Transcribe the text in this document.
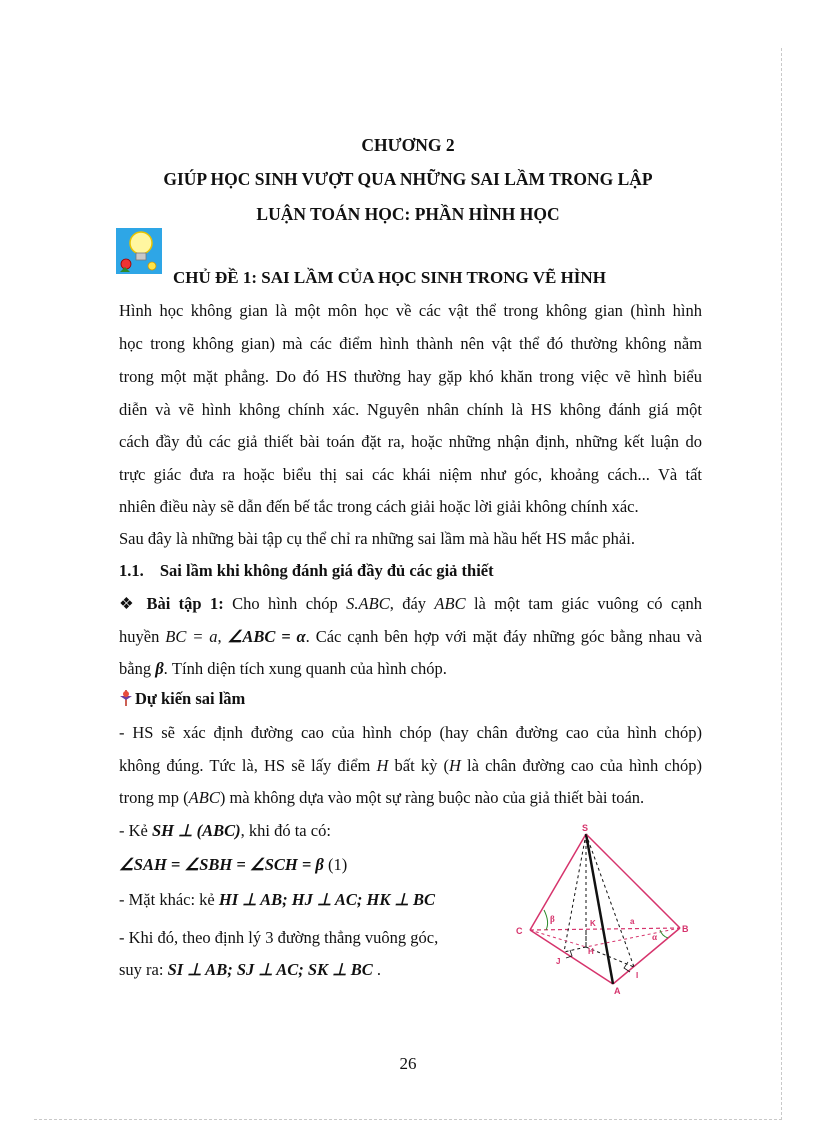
CHƯƠNG 2
GIÚP HỌC SINH VƯỢT QUA NHỮNG SAI LẦM TRONG LẬP
LUẬN TOÁN HỌC: PHẦN HÌNH HỌC
CHỦ ĐỀ 1: SAI LẦM CỦA HỌC SINH TRONG VẼ HÌNH
Hình học không gian là một môn học về các vật thể trong không gian (hình hình
học trong không gian) mà các điểm hình thành nên vật thể đó thường không nằm
trong một mặt phẳng. Do đó HS thường hay gặp khó khăn trong việc vẽ hình biểu
diễn và vẽ hình không chính xác. Nguyên nhân chính là HS không đánh giá một
cách đầy đủ các giả thiết bài toán đặt ra, hoặc những nhận định, những kết luận do
trực giác đưa ra hoặc biểu thị sai các khái niệm như góc, khoảng cách... Và tất
nhiên điều này sẽ dẫn đến bế tắc trong cách giải hoặc lời giải không chính xác.
Sau đây là những bài tập cụ thể chỉ ra những sai lầm mà hầu hết HS mắc phải.
1.1. Sai lầm khi không đánh giá đầy đủ các giả thiết
❖ Bài tập 1: Cho hình chóp S.ABC, đáy ABC là một tam giác vuông có cạnh
huyền BC = a, ∠ABC = α. Các cạnh bên hợp với mặt đáy những góc bằng nhau và
bằng β. Tính diện tích xung quanh của hình chóp.
Dự kiến sai lầm
- HS sẽ xác định đường cao của hình chóp (hay chân đường cao của hình chóp)
không đúng. Tức là, HS sẽ lấy điểm H bất kỳ (H là chân đường cao của hình chóp)
trong mp (ABC) mà không dựa vào một sự ràng buộc nào của giả thiết bài toán.
- Kẻ SH ⊥ (ABC), khi đó ta có:
∠SAH = ∠SBH = ∠SCH = β (1)
- Mặt khác: kẻ HI ⊥ AB; HJ ⊥ AC; HK ⊥ BC
- Khi đó, theo định lý 3 đường thẳng vuông góc,
suy ra: SI ⊥ AB; SJ ⊥ AC; SK ⊥ BC .
S
C	B
A
H
K
J
I
a
β
α
26
